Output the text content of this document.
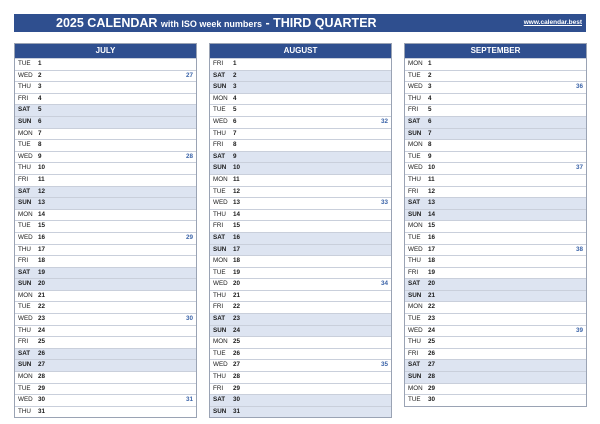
2025 CALENDAR with ISO week numbers - THIRD QUARTER	www.calendar.best
JULY
TUE 1
WED 2	27
THU 3
FRI 4
SAT 5
SUN 6
MON 7
TUE 8
WED 9	28
THU 10
FRI 11
SAT 12
SUN 13
MON 14
TUE 15
WED 16	29
THU 17
FRI 18
SAT 19
SUN 20
MON 21
TUE 22
WED 23	30
THU 24
FRI 25
SAT 26
SUN 27
MON 28
TUE 29
WED 30	31
THU 31
AUGUST
FRI 1
SAT 2
SUN 3
MON 4
TUE 5
WED 6	32
THU 7
FRI 8
SAT 9
SUN 10
MON 11
TUE 12
WED 13	33
THU 14
FRI 15
SAT 16
SUN 17
MON 18
TUE 19
WED 20	34
THU 21
FRI 22
SAT 23
SUN 24
MON 25
TUE 26
WED 27	35
THU 28
FRI 29
SAT 30
SUN 31
SEPTEMBER
MON 1
TUE 2
WED 3	36
THU 4
FRI 5
SAT 6
SUN 7
MON 8
TUE 9
WED 10	37
THU 11
FRI 12
SAT 13
SUN 14
MON 15
TUE 16
WED 17	38
THU 18
FRI 19
SAT 20
SUN 21
MON 22
TUE 23
WED 24	39
THU 25
FRI 26
SAT 27
SUN 28
MON 29
TUE 30
